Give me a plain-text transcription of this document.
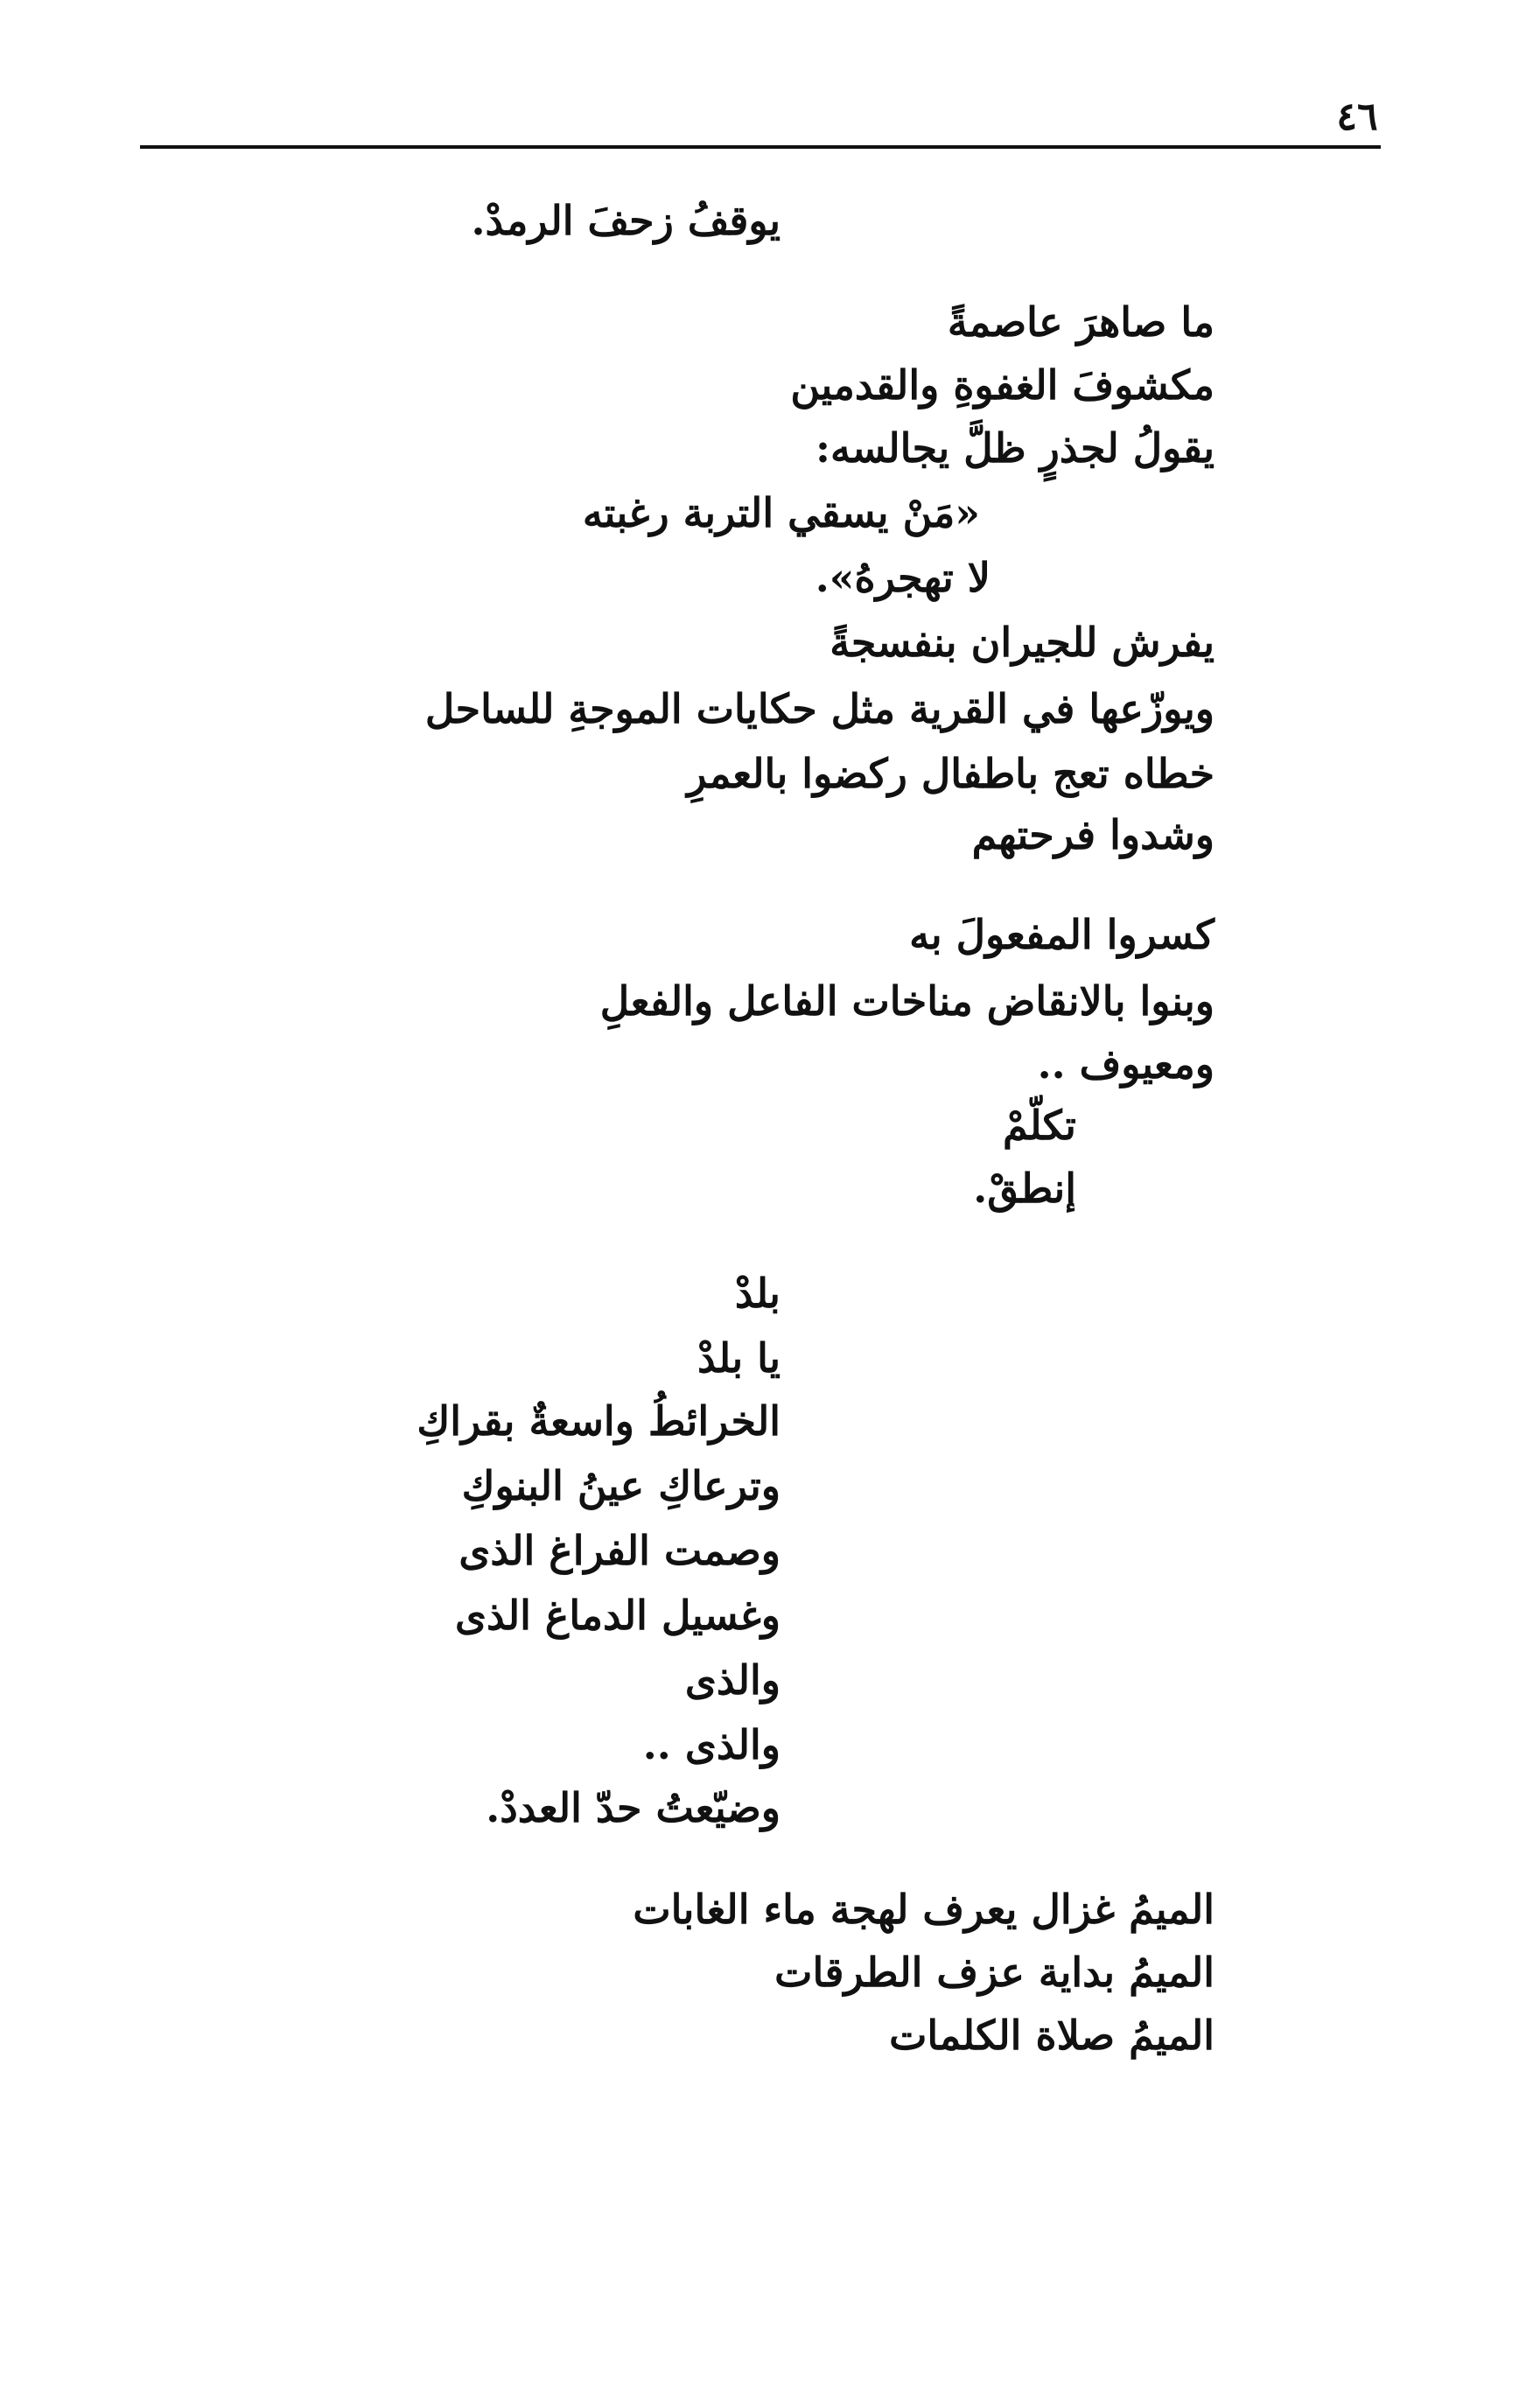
٤٦
يوقفُ زحفَ الرمدْ.
ما صاهرَ عاصمةً
مكشوفَ الغفوةِ والقدمين
يقولُ لجذرٍ ظلَّ يجالسه:
«مَنْ يسقي التربة رغبته
لا تهجرهُ».
يفرش للجيران بنفسجةً
ويوزّعها في القرية مثل حكايات الموجةِ للساحل
خطاه تعج باطفال ركضوا بالعمرِ
وشدوا فرحتهم
كسروا المفعولَ به
وبنوا بالانقاض مناخات الفاعل والفعلِ
ومعيوف ..
تكلّمْ
إنطقْ.
بلدْ
يا بلدْ
الخرائطُ واسعةٌ بقراكِ
وترعاكِ عينُ البنوكِ
وصمت الفراغ الذى
وغسيل الدماغ الذى
والذى
والذى ..
وضيّعتُ حدّ العددْ.
الميمُ غزال يعرف لهجة ماء الغابات
الميمُ بداية عزف الطرقات
الميمُ صلاة الكلمات
